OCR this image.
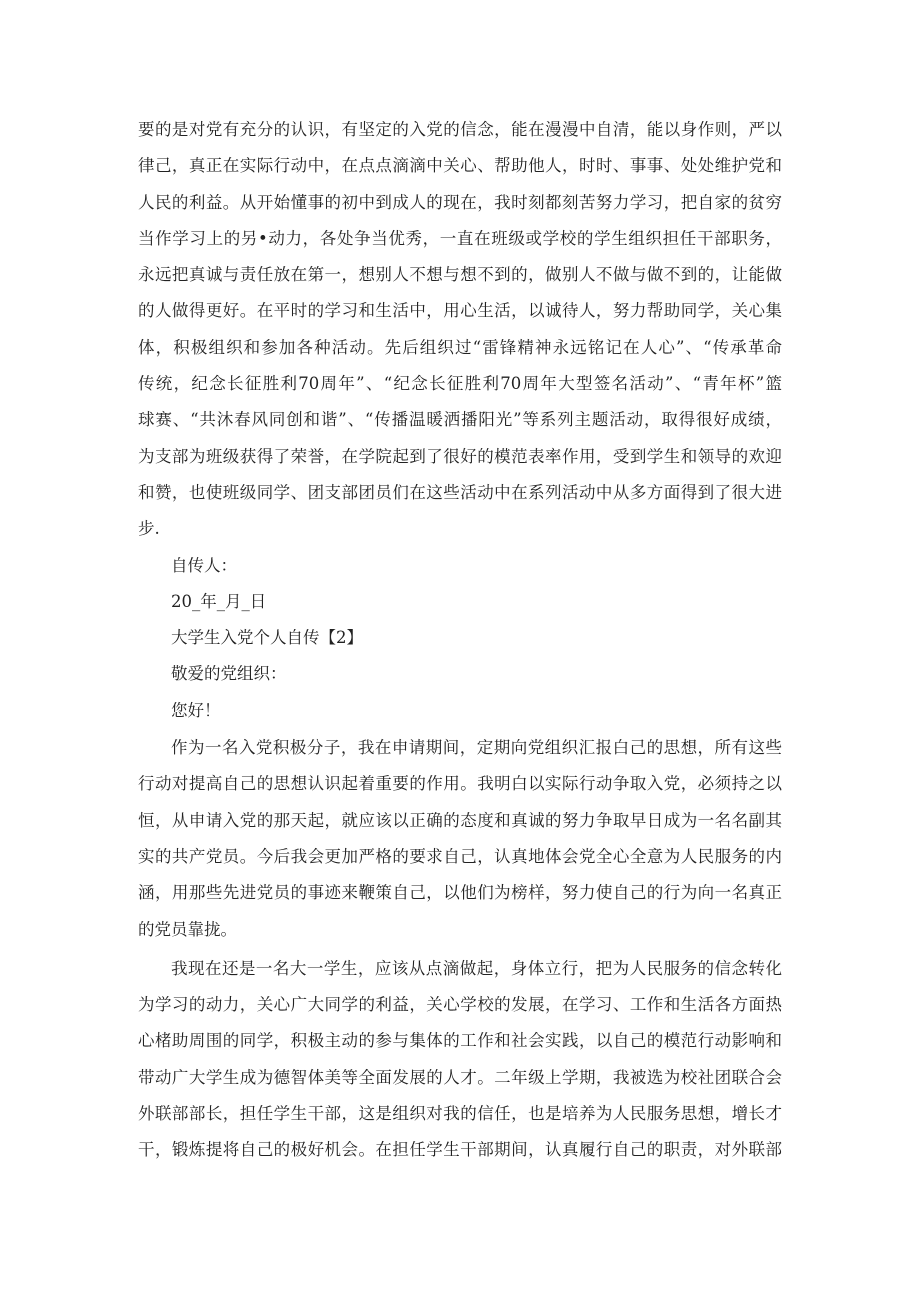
要的是对党有充分的认识，有坚定的入党的信念，能在漫漫中自清，能以身作则，严以
律己，真正在实际行动中，在点点滴滴中关心、帮助他人，时时、事事、处处维护党和
人民的利益。从开始懂事的初中到成人的现在，我时刻都刻苦努力学习，把自家的贫穷
当作学习上的另•动力，各处争当优秀，一直在班级或学校的学生组织担任干部职务，
永远把真诚与责任放在第一，想别人不想与想不到的，做别人不做与做不到的，让能做
的人做得更好。在平时的学习和生活中，用心生活，以诚待人，努力帮助同学，关心集
体，积极组织和参加各种活动。先后组织过“雷锋精神永远铭记在人心”、“传承革命
传统，纪念长征胜利70周年”、“纪念长征胜利70周年大型签名活动”、“青年杯”篮
球赛、“共沐春风同创和谐”、“传播温暖洒播阳光”等系列主题活动，取得很好成绩，
为支部为班级获得了荣誉，在学院起到了很好的模范表率作用，受到学生和领导的欢迎
和赞，也使班级同学、团支部团员们在这些活动中在系列活动中从多方面得到了很大进
步.
自传人：
20_年_月_日
大学生入党个人自传【2】
敬爱的党组织：
您好！
作为一名入党积极分子，我在申请期间，定期向党组织汇报白己的思想，所有这些
行动对提高自己的思想认识起着重要的作用。我明白以实际行动争取入党，必须持之以
恒，从申请入党的那天起，就应该以正确的态度和真诚的努力争取早日成为一名名副其
实的共产党员。今后我会更加严格的要求自己，认真地体会党全心全意为人民服务的内
涵，用那些先进党员的事迹来鞭策自己，以他们为榜样，努力使自己的行为向一名真正
的党员靠拢。
我现在还是一名大一学生，应该从点滴做起，身体立行，把为人民服务的信念转化
为学习的动力，关心广大同学的利益，关心学校的发展，在学习、工作和生活各方面热
心楮助周围的同学，积极主动的参与集体的工作和社会实践，以自己的模范行动影响和
带动广大学生成为德智体美等全面发展的人才。二年级上学期，我被选为校社团联合会
外联部部长，担任学生干部，这是组织对我的信任，也是培养为人民服务思想，增长才
干，锻炼提将自己的极好机会。在担任学生干部期间，认真履行自己的职责，对外联部
